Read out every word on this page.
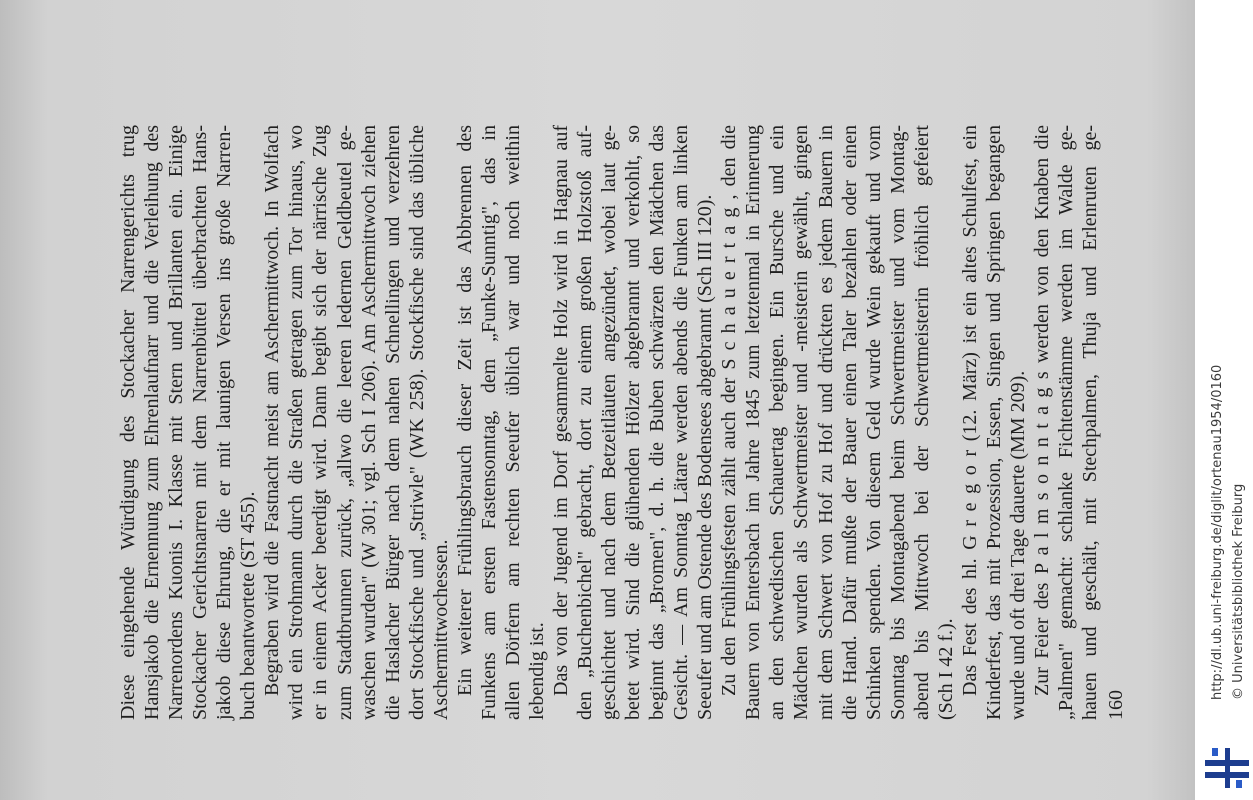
Diese eingehende Würdigung des Stockacher Narrengerichts trug Hansjakob die Ernennung zum Ehrenlaufnarr und die Verleihung des Narrenordens Kuonis I. Klasse mit Stern und Brillanten ein. Einige Stockacher Gerichtsnarren mit dem Narrenbüttel überbrachten Hans- jakob diese Ehrung, die er mit launigen Versen ins große Narren- buch beantwortete (ST 455). Begraben wird die Fastnacht meist am Aschermittwoch. In Wolfach wird ein Strohmann durch die Straßen getragen zum Tor hinaus, wo er in einem Acker beerdigt wird. Dann begibt sich der närrische Zug zum Stadtbrunnen zurück, „allwo die leeren ledernen Geldbeutel ge- waschen wurden" (W 301; vgl. Sch I 206). Am Aschermittwoch ziehen die Haslacher Bürger nach dem nahen Schnellingen und verzehren dort Stockfische und „Striwle" (WK 258). Stockfische sind das übliche Aschermittwochessen. Ein weiterer Frühlingsbrauch dieser Zeit ist das Abbrennen des Funkens am ersten Fastensonntag, dem „Funke-Sunntig", das in allen Dörfern am rechten Seeufer üblich war und noch weithin lebendig ist. Das von der Jugend im Dorf gesammelte Holz wird in Hagnau auf den „Buchenbichel" gebracht, dort zu einem großen Holzstoß auf- geschichtet und nach dem Betzeitläuten angezündet, wobei laut ge- betet wird. Sind die glühenden Hölzer abgebrannt und verkohlt, so beginnt das „Bromen", d. h. die Buben schwärzen den Mädchen das Gesicht. — Am Sonntag Lätare werden abends die Funken am linken Seeufer und am Ostende des Bodensees abgebrannt (Sch III 120). Zu den Frühlingsfesten zählt auch der S c h a u e r t a g , den die Bauern von Entersbach im Jahre 1845 zum letztenmal in Erinnerung an den schwedischen Schauertag begingen. Ein Bursche und ein Mädchen wurden als Schwertmeister und -meisterin gewählt, gingen mit dem Schwert von Hof zu Hof und drückten es jedem Bauern in die Hand. Dafür mußte der Bauer einen Taler bezahlen oder einen Schinken spenden. Von diesem Geld wurde Wein gekauft und vom Sonntag bis Montagabend beim Schwertmeister und vom Montag- abend bis Mittwoch bei der Schwertmeisterin fröhlich gefeiert (Sch I 42 f.). Das Fest des hl. G r e g o r (12. März) ist ein altes Schulfest, ein Kinderfest, das mit Prozession, Essen, Singen und Springen begangen wurde und oft drei Tage dauerte (MM 209). Zur Feier des P a l m s o n n t a g s werden von den Knaben die „Palmen" gemacht: schlanke Fichtenstämme werden im Walde ge- hauen und geschält, mit Stechpalmen, Thuja und Erlenruten ge- 160
http://dl.ub.uni-freiburg.de/diglit/ortenau1954/0160 © Universitätsbibliothek Freiburg
